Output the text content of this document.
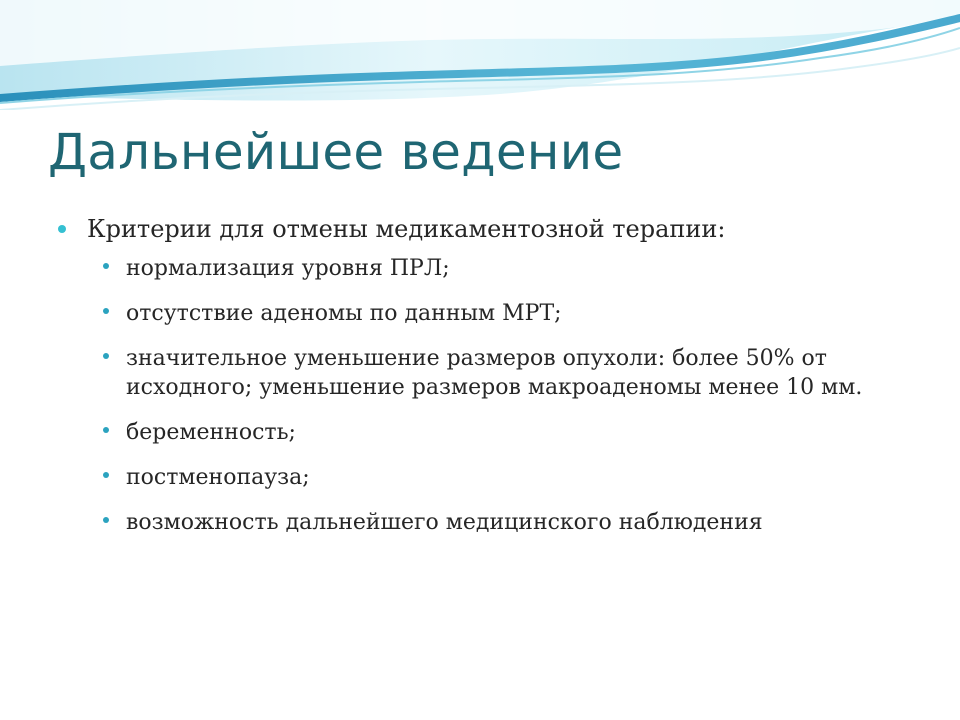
Дальнейшее ведение
Критерии для отмены медикаментозной терапии:
нормализация уровня ПРЛ;
отсутствие аденомы по данным МРТ;
значительное уменьшение размеров опухоли: более 50% от исходного; уменьшение размеров макроаденомы менее 10 мм.
беременность;
постменопауза;
возможность дальнейшего медицинского наблюдения
